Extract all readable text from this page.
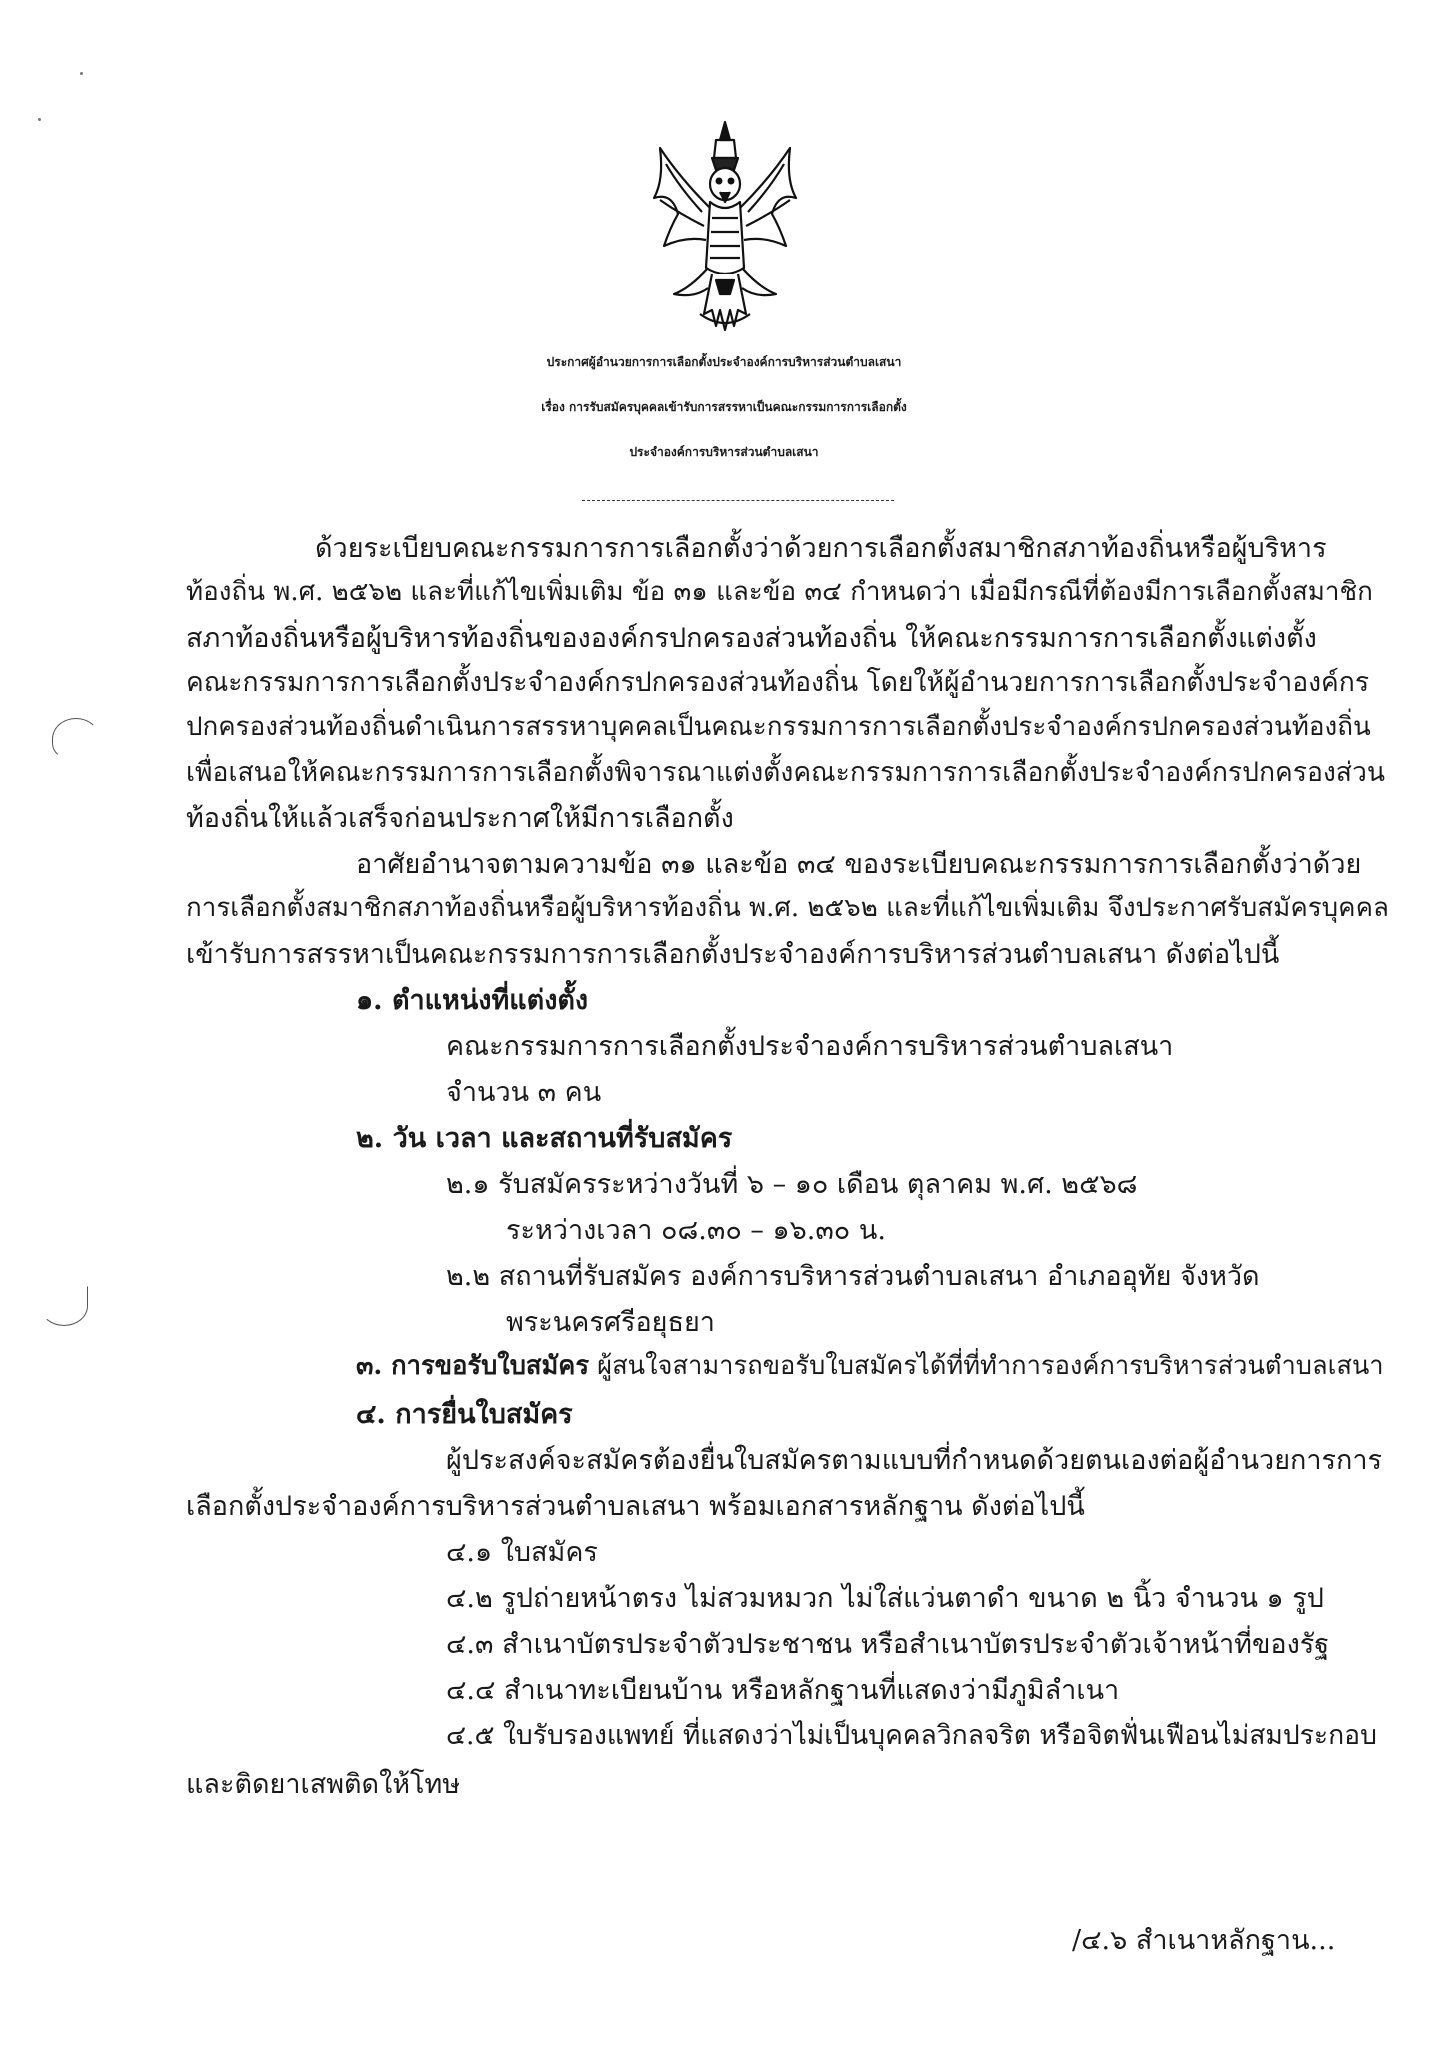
ประกาศผู้อำนวยการการเลือกตั้งประจำองค์การบริหารส่วนตำบลเสนา
เรื่อง การรับสมัครบุคคลเข้ารับการสรรหาเป็นคณะกรรมการการเลือกตั้ง
ประจำองค์การบริหารส่วนตำบลเสนา
ด้วยระเบียบคณะกรรมการการเลือกตั้งว่าด้วยการเลือกตั้งสมาชิกสภาท้องถิ่นหรือผู้บริหาร
ท้องถิ่น พ.ศ. ๒๕๖๒ และที่แก้ไขเพิ่มเติม ข้อ ๓๑ และข้อ ๓๔ กำหนดว่า เมื่อมีกรณีที่ต้องมีการเลือกตั้งสมาชิก
สภาท้องถิ่นหรือผู้บริหารท้องถิ่นขององค์กรปกครองส่วนท้องถิ่น ให้คณะกรรมการการเลือกตั้งแต่งตั้ง
คณะกรรมการการเลือกตั้งประจำองค์กรปกครองส่วนท้องถิ่น โดยให้ผู้อำนวยการการเลือกตั้งประจำองค์กร
ปกครองส่วนท้องถิ่นดำเนินการสรรหาบุคคลเป็นคณะกรรมการการเลือกตั้งประจำองค์กรปกครองส่วนท้องถิ่น
เพื่อเสนอให้คณะกรรมการการเลือกตั้งพิจารณาแต่งตั้งคณะกรรมการการเลือกตั้งประจำองค์กรปกครองส่วน
ท้องถิ่นให้แล้วเสร็จก่อนประกาศให้มีการเลือกตั้ง
อาศัยอำนาจตามความข้อ ๓๑ และข้อ ๓๔ ของระเบียบคณะกรรมการการเลือกตั้งว่าด้วย
การเลือกตั้งสมาชิกสภาท้องถิ่นหรือผู้บริหารท้องถิ่น พ.ศ. ๒๕๖๒ และที่แก้ไขเพิ่มเติม จึงประกาศรับสมัครบุคคล
เข้ารับการสรรหาเป็นคณะกรรมการการเลือกตั้งประจำองค์การบริหารส่วนตำบลเสนา ดังต่อไปนี้
๑. ตำแหน่งที่แต่งตั้ง
คณะกรรมการการเลือกตั้งประจำองค์การบริหารส่วนตำบลเสนา
จำนวน ๓ คน
๒. วัน เวลา และสถานที่รับสมัคร
๒.๑ รับสมัครระหว่างวันที่ ๖ – ๑๐ เดือน ตุลาคม พ.ศ. ๒๕๖๘
ระหว่างเวลา ๐๘.๓๐ – ๑๖.๓๐ น.
๒.๒ สถานที่รับสมัคร องค์การบริหารส่วนตำบลเสนา อำเภออุทัย จังหวัด
พระนครศรีอยุธยา
๓. การขอรับใบสมัคร ผู้สนใจสามารถขอรับใบสมัครได้ที่ที่ทำการองค์การบริหารส่วนตำบลเสนา
๔. การยื่นใบสมัคร
ผู้ประสงค์จะสมัครต้องยื่นใบสมัครตามแบบที่กำหนดด้วยตนเองต่อผู้อำนวยการการ
เลือกตั้งประจำองค์การบริหารส่วนตำบลเสนา พร้อมเอกสารหลักฐาน ดังต่อไปนี้
๔.๑ ใบสมัคร
๔.๒ รูปถ่ายหน้าตรง ไม่สวมหมวก ไม่ใส่แว่นตาดำ ขนาด ๒ นิ้ว จำนวน ๑ รูป
๔.๓ สำเนาบัตรประจำตัวประชาชน หรือสำเนาบัตรประจำตัวเจ้าหน้าที่ของรัฐ
๔.๔ สำเนาทะเบียนบ้าน หรือหลักฐานที่แสดงว่ามีภูมิลำเนา
๔.๕ ใบรับรองแพทย์ ที่แสดงว่าไม่เป็นบุคคลวิกลจริต หรือจิตฟั่นเฟือนไม่สมประกอบ
และติดยาเสพติดให้โทษ
/๔.๖ สำเนาหลักฐาน...
